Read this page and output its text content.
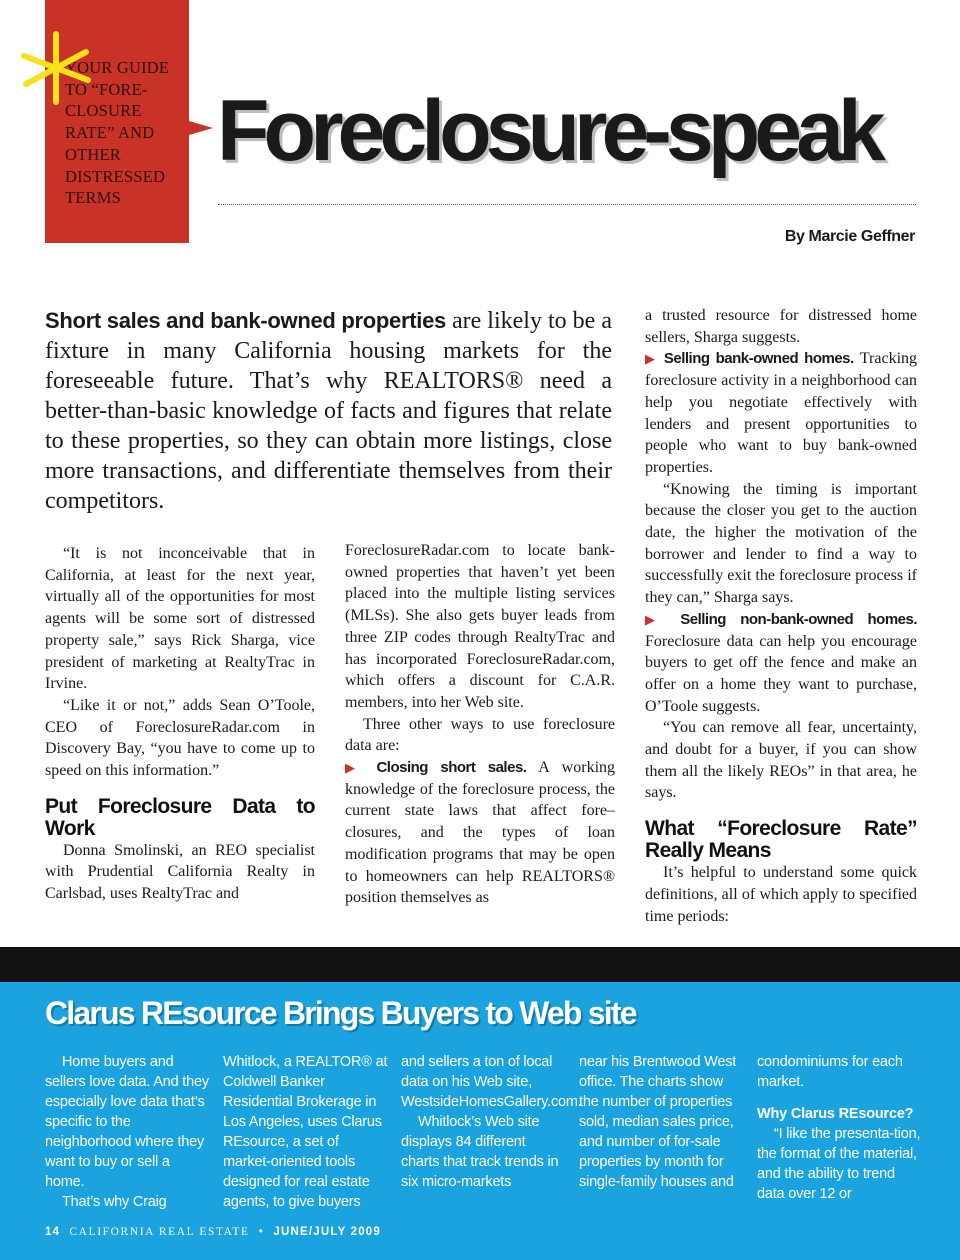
YOUR GUIDE TO “FORE-CLOSURE RATE” AND OTHER DISTRESSED TERMS
Foreclosure-speak
By Marcie Geffner
Short sales and bank-owned properties are likely to be a fixture in many California housing markets for the foreseeable future. That’s why REALTORS® need a better-than-basic knowledge of facts and figures that relate to these properties, so they can obtain more listings, close more transactions, and differentiate themselves from their competitors.

“It is not inconceivable that in California, at least for the next year, virtually all of the opportunities for most agents will be some sort of distressed property sale,” says Rick Sharga, vice president of marketing at RealtyTrac in Irvine.

“Like it or not,” adds Sean O’Toole, CEO of ForeclosureRadar.com in Discovery Bay, “you have to come up to speed on this information.”

Put Foreclosure Data to Work

Donna Smolinski, an REO specialist with Prudential California Realty in Carlsbad, uses RealtyTrac and

ForeclosureRadar.com to locate bank-owned properties that haven’t yet been placed into the multiple listing services (MLSs). She also gets buyer leads from three ZIP codes through RealtyTrac and has incorporated ForeclosureRadar.com, which offers a discount for C.A.R. members, into her Web site.

Three other ways to use foreclosure data are:

▶ Closing short sales. A working knowledge of the foreclosure process, the current state laws that affect fore–closures, and the types of loan modification programs that may be open to homeowners can help REALTORS® position themselves as

a trusted resource for distressed home sellers, Sharga suggests.

▶ Selling bank-owned homes. Tracking foreclosure activity in a neighborhood can help you negotiate effectively with lenders and present opportunities to people who want to buy bank-owned properties.

“Knowing the timing is important because the closer you get to the auction date, the higher the motivation of the borrower and lender to find a way to successfully exit the foreclosure process if they can,” Sharga says.

▶ Selling non-bank-owned homes. Foreclosure data can help you encourage buyers to get off the fence and make an offer on a home they want to purchase, O’Toole suggests.

“You can remove all fear, uncertainty, and doubt for a buyer, if you can show them all the likely REOs” in that area, he says.

What “Foreclosure Rate” Really Means

It’s helpful to understand some quick definitions, all of which apply to specified time periods:

Clarus REsource Brings Buyers to Web site

Home buyers and sellers love data. And they especially love data that’s specific to the neighborhood where they want to buy or sell a home.

That’s why Craig

Whitlock, a REALTOR® at Coldwell Banker Residential Brokerage in Los Angeles, uses Clarus REsource, a set of market-oriented tools designed for real estate agents, to give buyers

and sellers a ton of local data on his Web site, WestsideHomesGallery.com.

Whitlock’s Web site displays 84 different charts that track trends in six micro-markets

near his Brentwood West office. The charts show the number of properties sold, median sales price, and number of for-sale properties by month for single-family houses and

condominiums for each market.

Why Clarus REsource?

“I like the presenta-tion, the format of the material, and the ability to trend data over 12 or

14 CALIFORNIA REAL ESTATE • JUNE/JULY 2009
